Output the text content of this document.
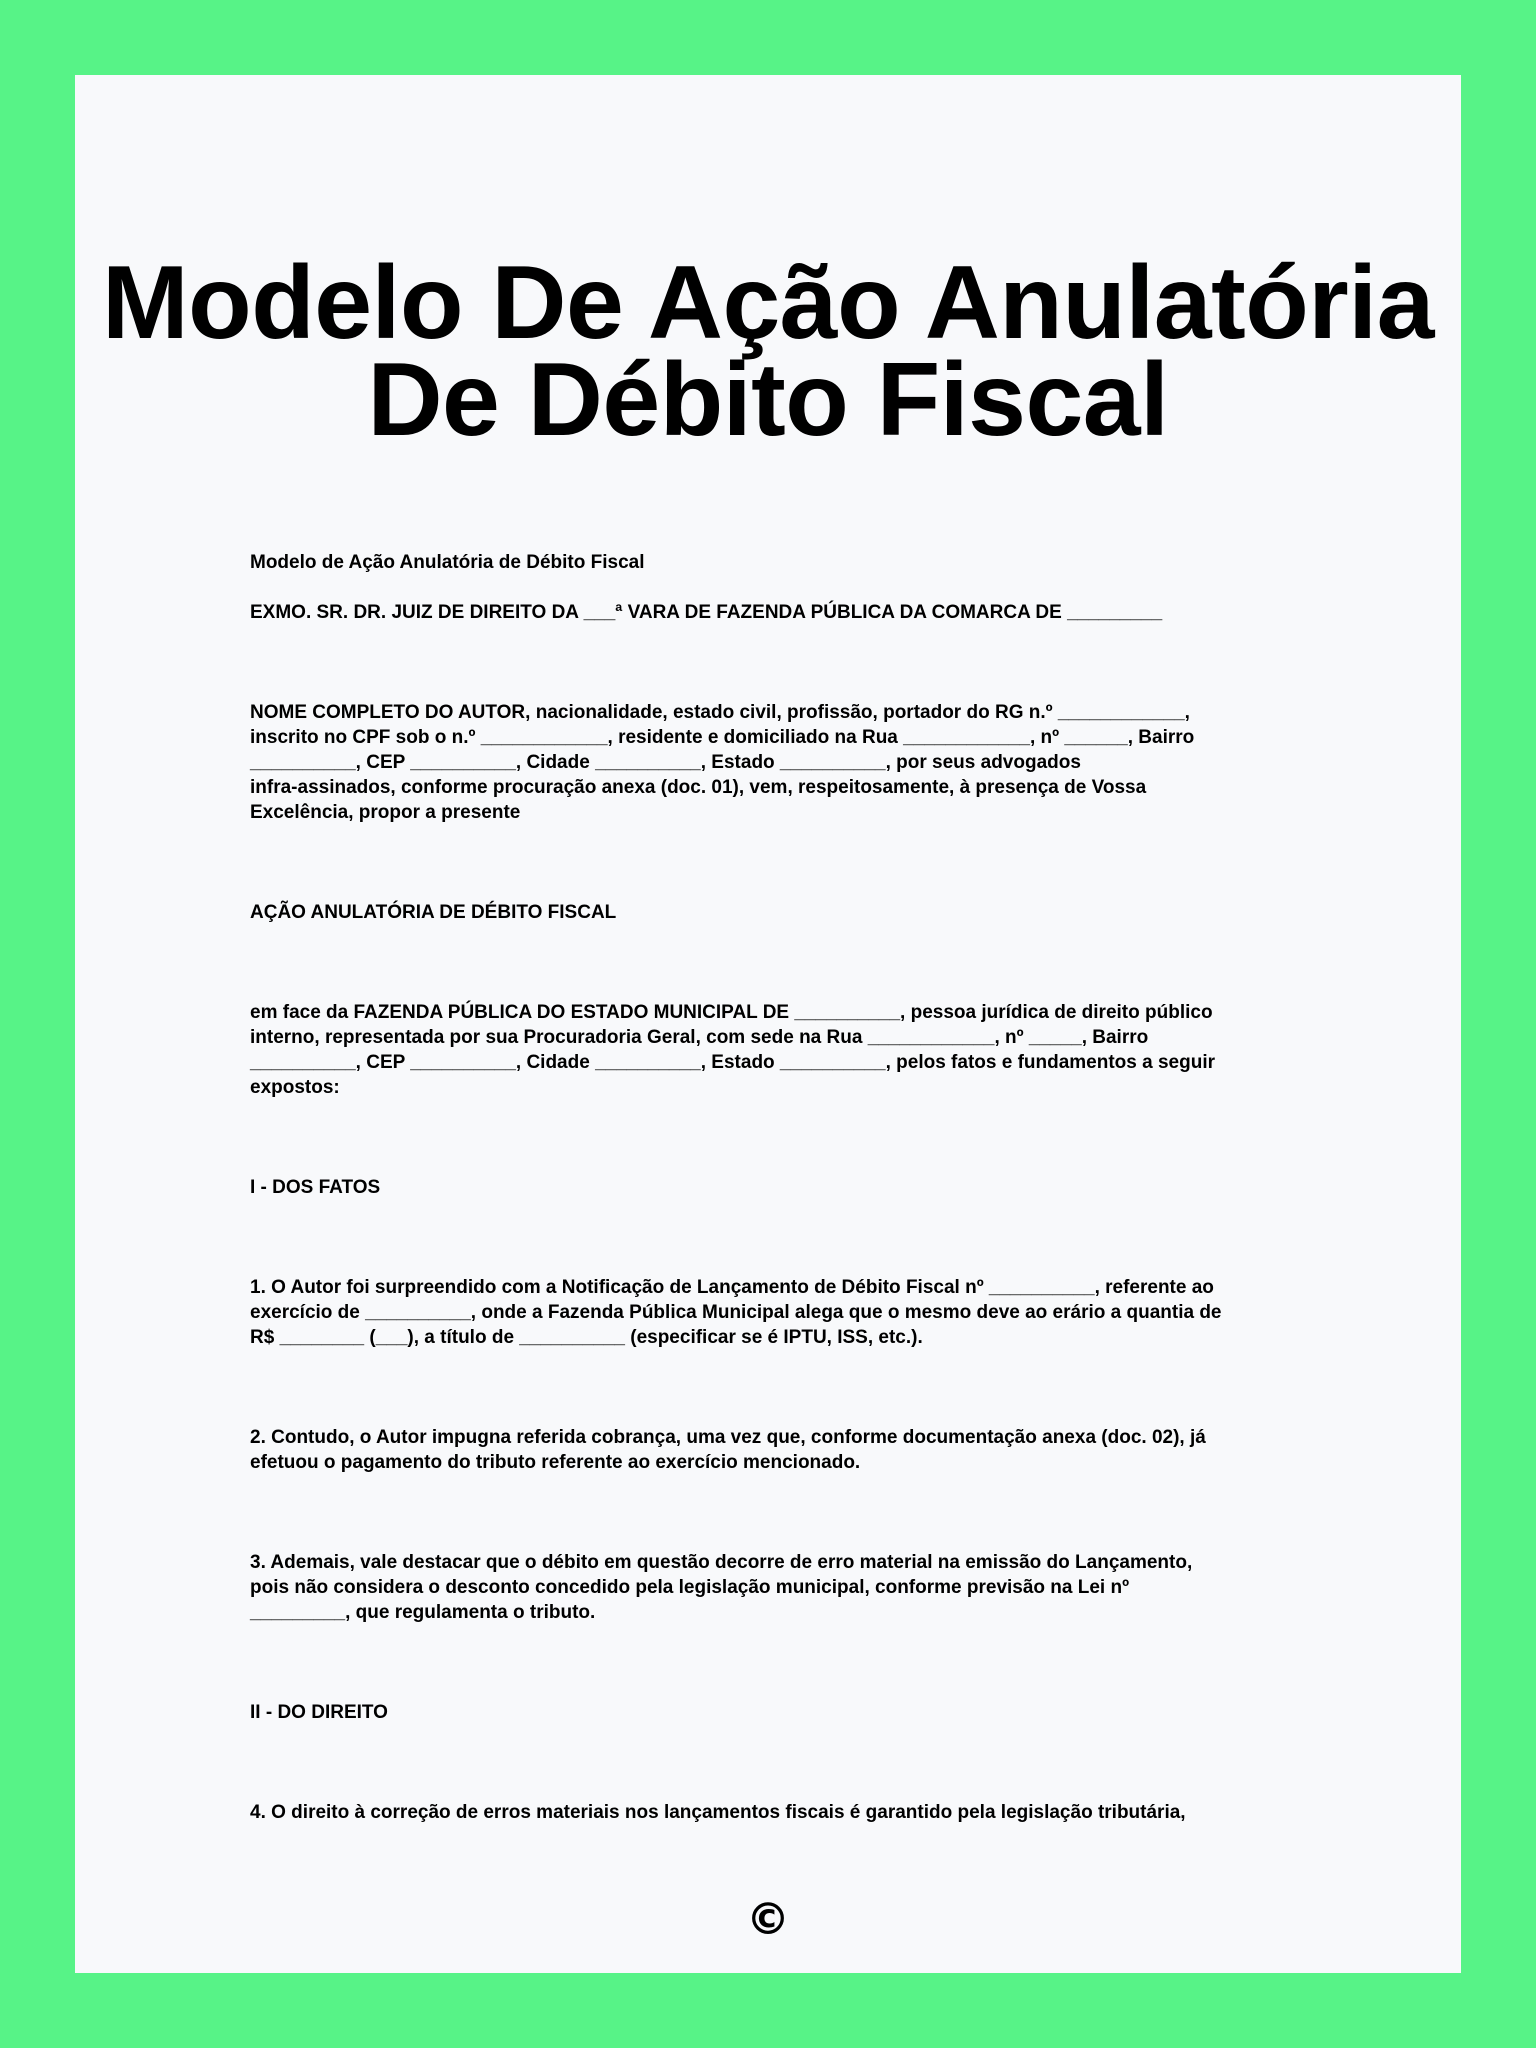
Modelo De Ação Anulatória
De Débito Fiscal

Modelo de Ação Anulatória de Débito Fiscal

EXMO. SR. DR. JUIZ DE DIREITO DA ___ª VARA DE FAZENDA PÚBLICA DA COMARCA DE _________

NOME COMPLETO DO AUTOR, nacionalidade, estado civil, profissão, portador do RG n.º ____________,
inscrito no CPF sob o n.º ____________, residente e domiciliado na Rua ____________, nº ______, Bairro
__________, CEP __________, Cidade __________, Estado __________, por seus advogados
infra-assinados, conforme procuração anexa (doc. 01), vem, respeitosamente, à presença de Vossa
Excelência, propor a presente

AÇÃO ANULATÓRIA DE DÉBITO FISCAL

em face da FAZENDA PÚBLICA DO ESTADO MUNICIPAL DE __________, pessoa jurídica de direito público
interno, representada por sua Procuradoria Geral, com sede na Rua ____________, nº _____, Bairro
__________, CEP __________, Cidade __________, Estado __________, pelos fatos e fundamentos a seguir
expostos:

I - DOS FATOS

1. O Autor foi surpreendido com a Notificação de Lançamento de Débito Fiscal nº __________, referente ao
exercício de __________, onde a Fazenda Pública Municipal alega que o mesmo deve ao erário a quantia de
R$ ________ (___), a título de __________ (especificar se é IPTU, ISS, etc.).

2. Contudo, o Autor impugna referida cobrança, uma vez que, conforme documentação anexa (doc. 02), já
efetuou o pagamento do tributo referente ao exercício mencionado.

3. Ademais, vale destacar que o débito em questão decorre de erro material na emissão do Lançamento,
pois não considera o desconto concedido pela legislação municipal, conforme previsão na Lei nº
_________, que regulamenta o tributo.

II - DO DIREITO

4. O direito à correção de erros materiais nos lançamentos fiscais é garantido pela legislação tributária,

©
